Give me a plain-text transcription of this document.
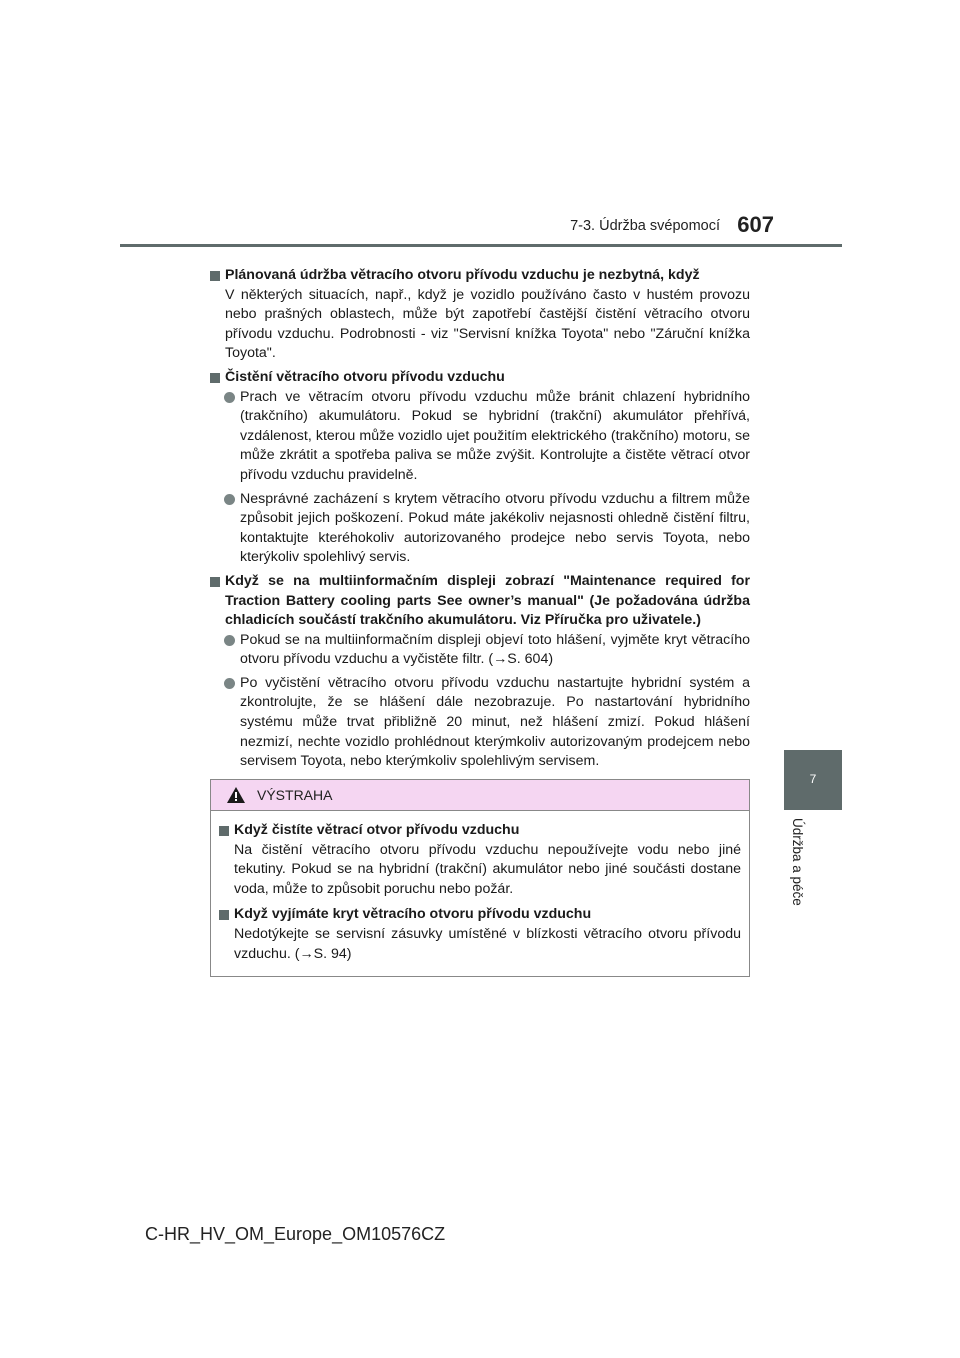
7-3. Údržba svépomocí 607
7
Údržba a péče
Plánovaná údržba větracího otvoru přívodu vzduchu je nezbytná, když
V některých situacích, např., když je vozidlo používáno často v hustém provozu nebo prašných oblastech, může být zapotřebí častější čistění větracího otvoru přívodu vzduchu. Podrobnosti - viz "Servisní knížka Toyota" nebo "Záruční knížka Toyota".
Čistění větracího otvoru přívodu vzduchu
Prach ve větracím otvoru přívodu vzduchu může bránit chlazení hybridního (trakčního) akumulátoru. Pokud se hybridní (trakční) akumulátor přehřívá, vzdálenost, kterou může vozidlo ujet použitím elektrického (trakčního) motoru, se může zkrátit a spotřeba paliva se může zvýšit. Kontrolujte a čistěte větrací otvor přívodu vzduchu pravidelně.
Nesprávné zacházení s krytem větracího otvoru přívodu vzduchu a filtrem může způsobit jejich poškození. Pokud máte jakékoliv nejasnosti ohledně čistění filtru, kontaktujte kteréhokoliv autorizovaného prodejce nebo servis Toyota, nebo kterýkoliv spolehlivý servis.
Když se na multiinformačním displeji zobrazí "Maintenance required for Traction Battery cooling parts See owner’s manual" (Je požadována údržba chladicích součástí trakčního akumulátoru. Viz Příručka pro uživatele.)
Pokud se na multiinformačním displeji objeví toto hlášení, vyjměte kryt větracího otvoru přívodu vzduchu a vyčistěte filtr. (→S. 604)
Po vyčistění větracího otvoru přívodu vzduchu nastartujte hybridní systém a zkontrolujte, že se hlášení dále nezobrazuje. Po nastartování hybridního systému může trvat přibližně 20 minut, než hlášení zmizí. Pokud hlášení nezmizí, nechte vozidlo prohlédnout kterýmkoliv autorizovaným prodejcem nebo servisem Toyota, nebo kterýmkoliv spolehlivým servisem.
VÝSTRAHA
Když čistíte větrací otvor přívodu vzduchu
Na čistění větracího otvoru přívodu vzduchu nepoužívejte vodu nebo jiné tekutiny. Pokud se na hybridní (trakční) akumulátor nebo jiné součásti dostane voda, může to způsobit poruchu nebo požár.
Když vyjímáte kryt větracího otvoru přívodu vzduchu
Nedotýkejte se servisní zásuvky umístěné v blízkosti větracího otvoru přívodu vzduchu. (→S. 94)
C-HR_HV_OM_Europe_OM10576CZ
